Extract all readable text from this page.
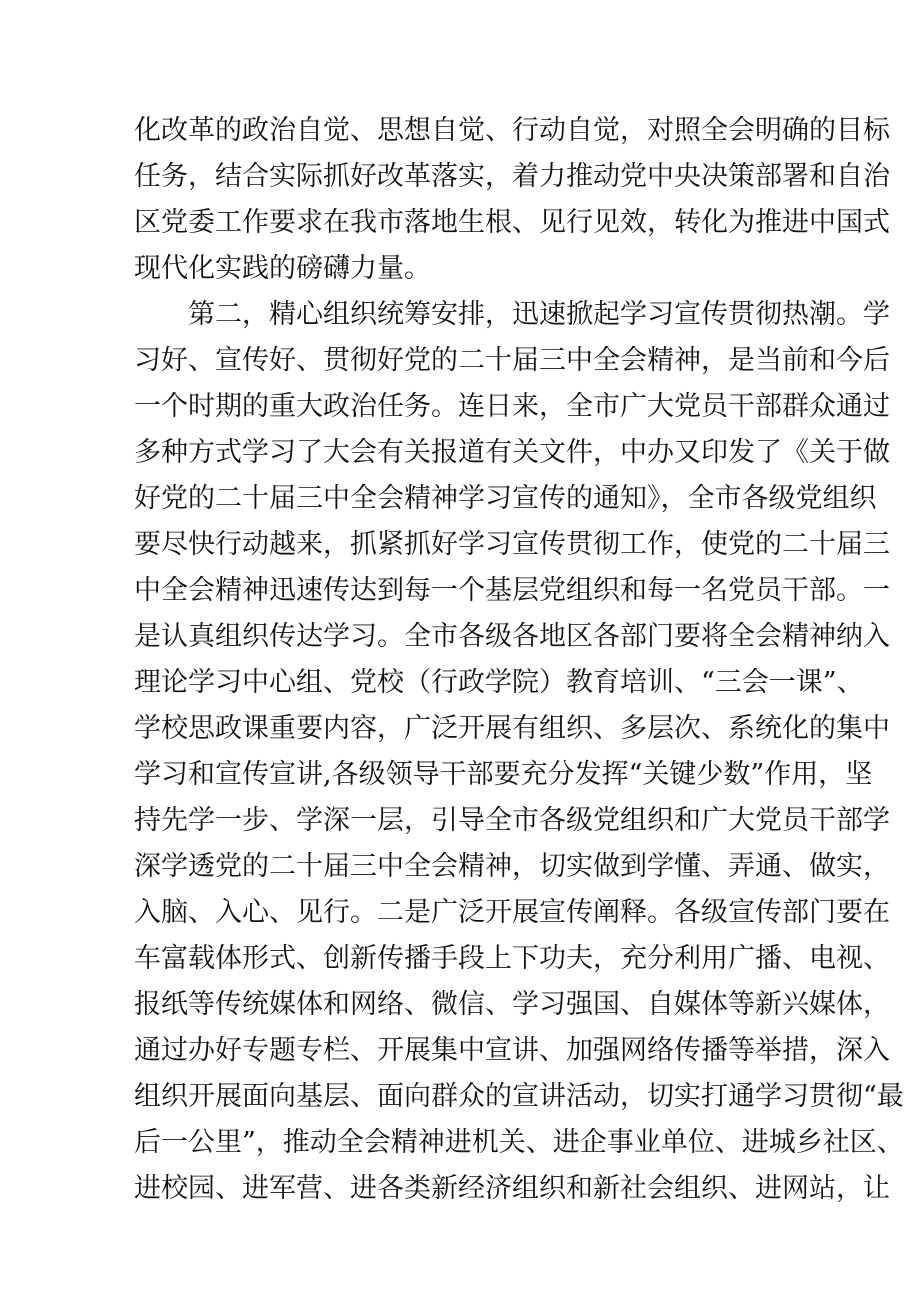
化改革的政治自觉、思想自觉、行动自觉，对照全会明确的目标
任务，结合实际抓好改革落实，着力推动党中央决策部署和自治
区党委工作要求在我市落地生根、见行见效，转化为推进中国式
现代化实践的磅礴力量。
第二，精心组织统筹安排，迅速掀起学习宣传贯彻热潮。学
习好、宣传好、贯彻好党的二十届三中全会精神，是当前和今后
一个时期的重大政治任务。连日来，全市广大党员干部群众通过
多种方式学习了大会有关报道有关文件，中办又印发了《关于做
好党的二十届三中全会精神学习宣传的通知》，全市各级党组织
要尽快行动越来，抓紧抓好学习宣传贯彻工作，使党的二十届三
中全会精神迅速传达到每一个基层党组织和每一名党员干部。一
是认真组织传达学习。全市各级各地区各部门要将全会精神纳入
理论学习中心组、党校（行政学院）教育培训、“三会一课”、
学校思政课重要内容，广泛开展有组织、多层次、系统化的集中
学习和宣传宣讲,各级领导干部要充分发挥“关键少数”作用，坚
持先学一步、学深一层，引导全市各级党组织和广大党员干部学
深学透党的二十届三中全会精神，切实做到学懂、弄通、做实，
入脑、入心、见行。二是广泛开展宣传阐释。各级宣传部门要在
车富载体形式、创新传播手段上下功夫，充分利用广播、电视、
报纸等传统媒体和网络、微信、学习强国、自媒体等新兴媒体，
通过办好专题专栏、开展集中宣讲、加强网络传播等举措，深入
组织开展面向基层、面向群众的宣讲活动，切实打通学习贯彻“最
后一公里”，推动全会精神进机关、进企事业单位、进城乡社区、
进校园、进军营、进各类新经济组织和新社会组织、进网站，让
